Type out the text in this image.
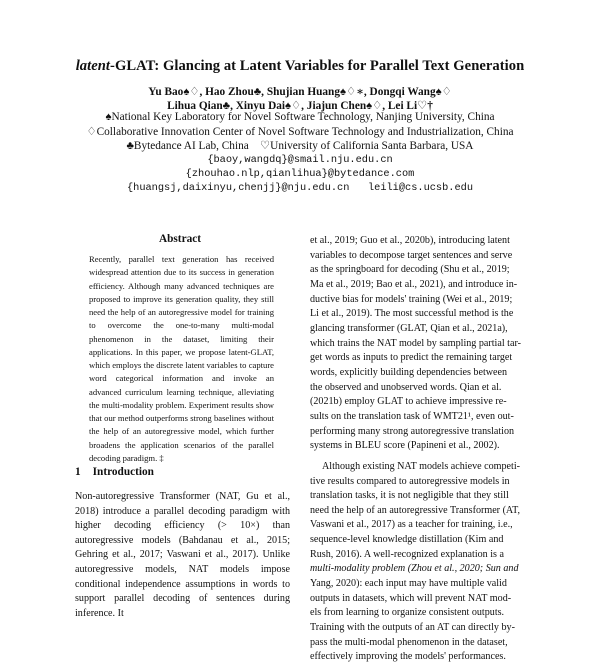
latent-GLAT: Glancing at Latent Variables for Parallel Text Generation
Yu Bao♠♢, Hao Zhou♣, Shujian Huang♠♢∗, Dongqi Wang♠♢
Lihua Qian♣, Xinyu Dai♠♢, Jiajun Chen♠♢, Lei Li♡†
♠National Key Laboratory for Novel Software Technology, Nanjing University, China
♢Collaborative Innovation Center of Novel Software Technology and Industrialization, China
♣Bytedance AI Lab, China    ♡University of California Santa Barbara, USA
{baoy,wangdq}@smail.nju.edu.cn
{zhouhao.nlp,qianlihua}@bytedance.com
{huangsj,daixinyu,chenjj}@nju.edu.cn   leili@cs.ucsb.edu
Abstract
Recently, parallel text generation has received widespread attention due to its success in generation efficiency. Although many advanced techniques are proposed to improve its generation quality, they still need the help of an autoregressive model for training to overcome the one-to-many multi-modal phenomenon in the dataset, limiting their applications. In this paper, we propose latent-GLAT, which employs the discrete latent variables to capture word categorical information and invoke an advanced curriculum learning technique, alleviating the multi-modality problem. Experiment results show that our method outperforms strong baselines without the help of an autoregressive model, which further broadens the application scenarios of the parallel decoding paradigm. ‡
1 Introduction
Non-autoregressive Transformer (NAT, Gu et al., 2018) introduce a parallel decoding paradigm with higher decoding efficiency (> 10×) than autoregressive models (Bahdanau et al., 2015; Gehring et al., 2017; Vaswani et al., 2017). Unlike autoregressive models, NAT models impose conditional independence assumptions in words to support parallel decoding of sentences during inference. It

et al., 2019; Guo et al., 2020b), introducing latent
variables to decompose target sentences and serve
as the springboard for decoding (Shu et al., 2019;
Ma et al., 2019; Bao et al., 2021), and introduce in-
ductive bias for models' training (Wei et al., 2019;
Li et al., 2019). The most successful method is the
glancing transformer (GLAT, Qian et al., 2021a),
which trains the NAT model by sampling partial tar-
get words as inputs to predict the remaining target
words, explicitly building dependencies between
the observed and unobserved words. Qian et al.
(2021b) employ GLAT to achieve impressive re-
sults on the translation task of WMT21¹, even out-
performing many strong autoregressive translation
systems in BLEU score (Papineni et al., 2002).

Although existing NAT models achieve competi-
tive results compared to autoregressive models in
translation tasks, it is not negligible that they still
need the help of an autoregressive Transformer (AT,
Vaswani et al., 2017) as a teacher for training, i.e.,
sequence-level knowledge distillation (Kim and
Rush, 2016). A well-recognized explanation is a
multi-modality problem (Zhou et al., 2020; Sun and
Yang, 2020): each input may have multiple valid
outputs in datasets, which will prevent NAT mod-
els from learning to organize consistent outputs.
Training with the outputs of an AT can directly by-
pass the multi-modal phenomenon in the dataset,
effectively improving the models' performances.
